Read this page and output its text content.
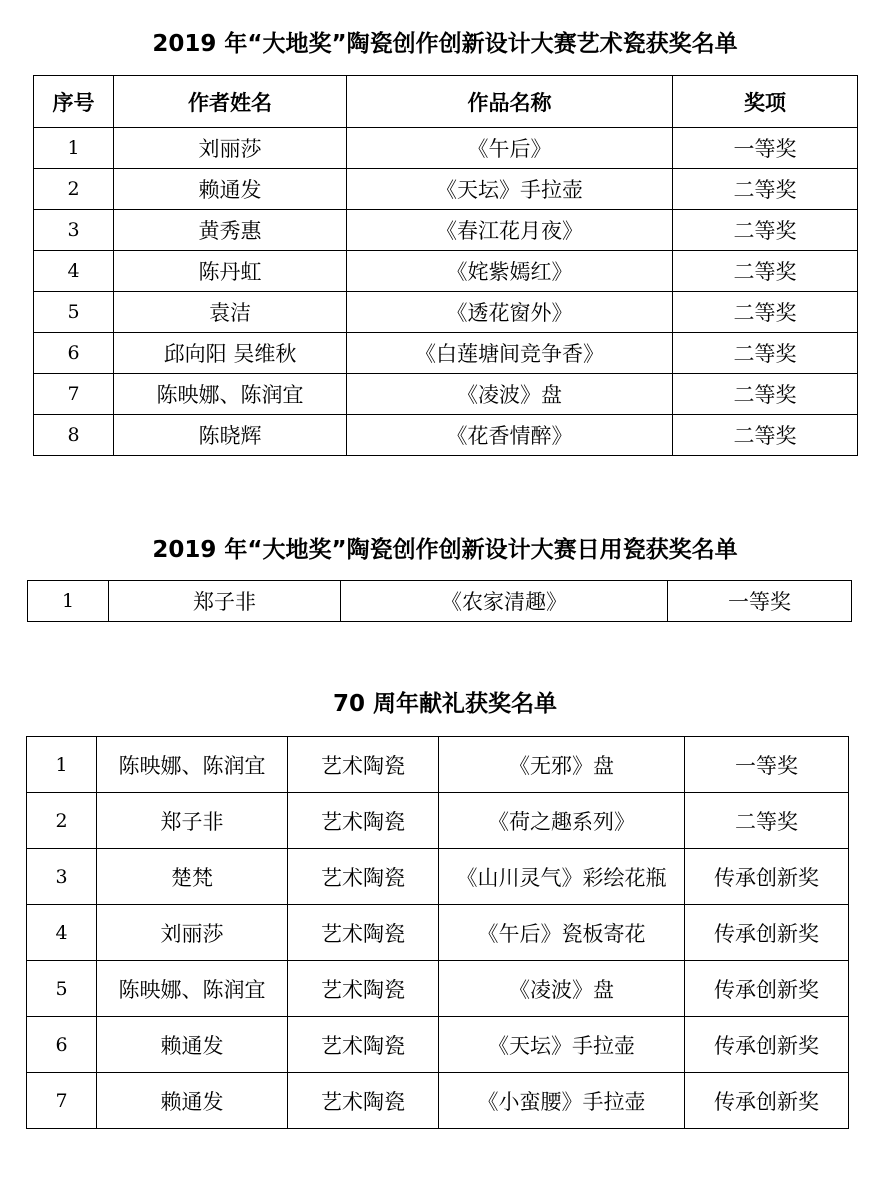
2019 年“大地奖”陶瓷创作创新设计大赛艺术瓷获奖名单
序号	作者姓名	作品名称	奖项
1	刘丽莎	《午后》	一等奖
2	赖通发	《天坛》手拉壶	二等奖
3	黄秀惠	《春江花月夜》	二等奖
4	陈丹虹	《姹紫嫣红》	二等奖
5	袁洁	《透花窗外》	二等奖
6	邱向阳 吴维秋	《白莲塘间竞争香》	二等奖
7	陈映娜、陈润宜	《凌波》盘	二等奖
8	陈晓辉	《花香情醉》	二等奖
2019 年“大地奖”陶瓷创作创新设计大赛日用瓷获奖名单
1	郑子非	《农家清趣》	一等奖
70 周年献礼获奖名单
1	陈映娜、陈润宜	艺术陶瓷	《无邪》盘	一等奖
2	郑子非	艺术陶瓷	《荷之趣系列》	二等奖
3	楚梵	艺术陶瓷	《山川灵气》彩绘花瓶	传承创新奖
4	刘丽莎	艺术陶瓷	《午后》瓷板寄花	传承创新奖
5	陈映娜、陈润宜	艺术陶瓷	《凌波》盘	传承创新奖
6	赖通发	艺术陶瓷	《天坛》手拉壶	传承创新奖
7	赖通发	艺术陶瓷	《小蛮腰》手拉壶	传承创新奖
